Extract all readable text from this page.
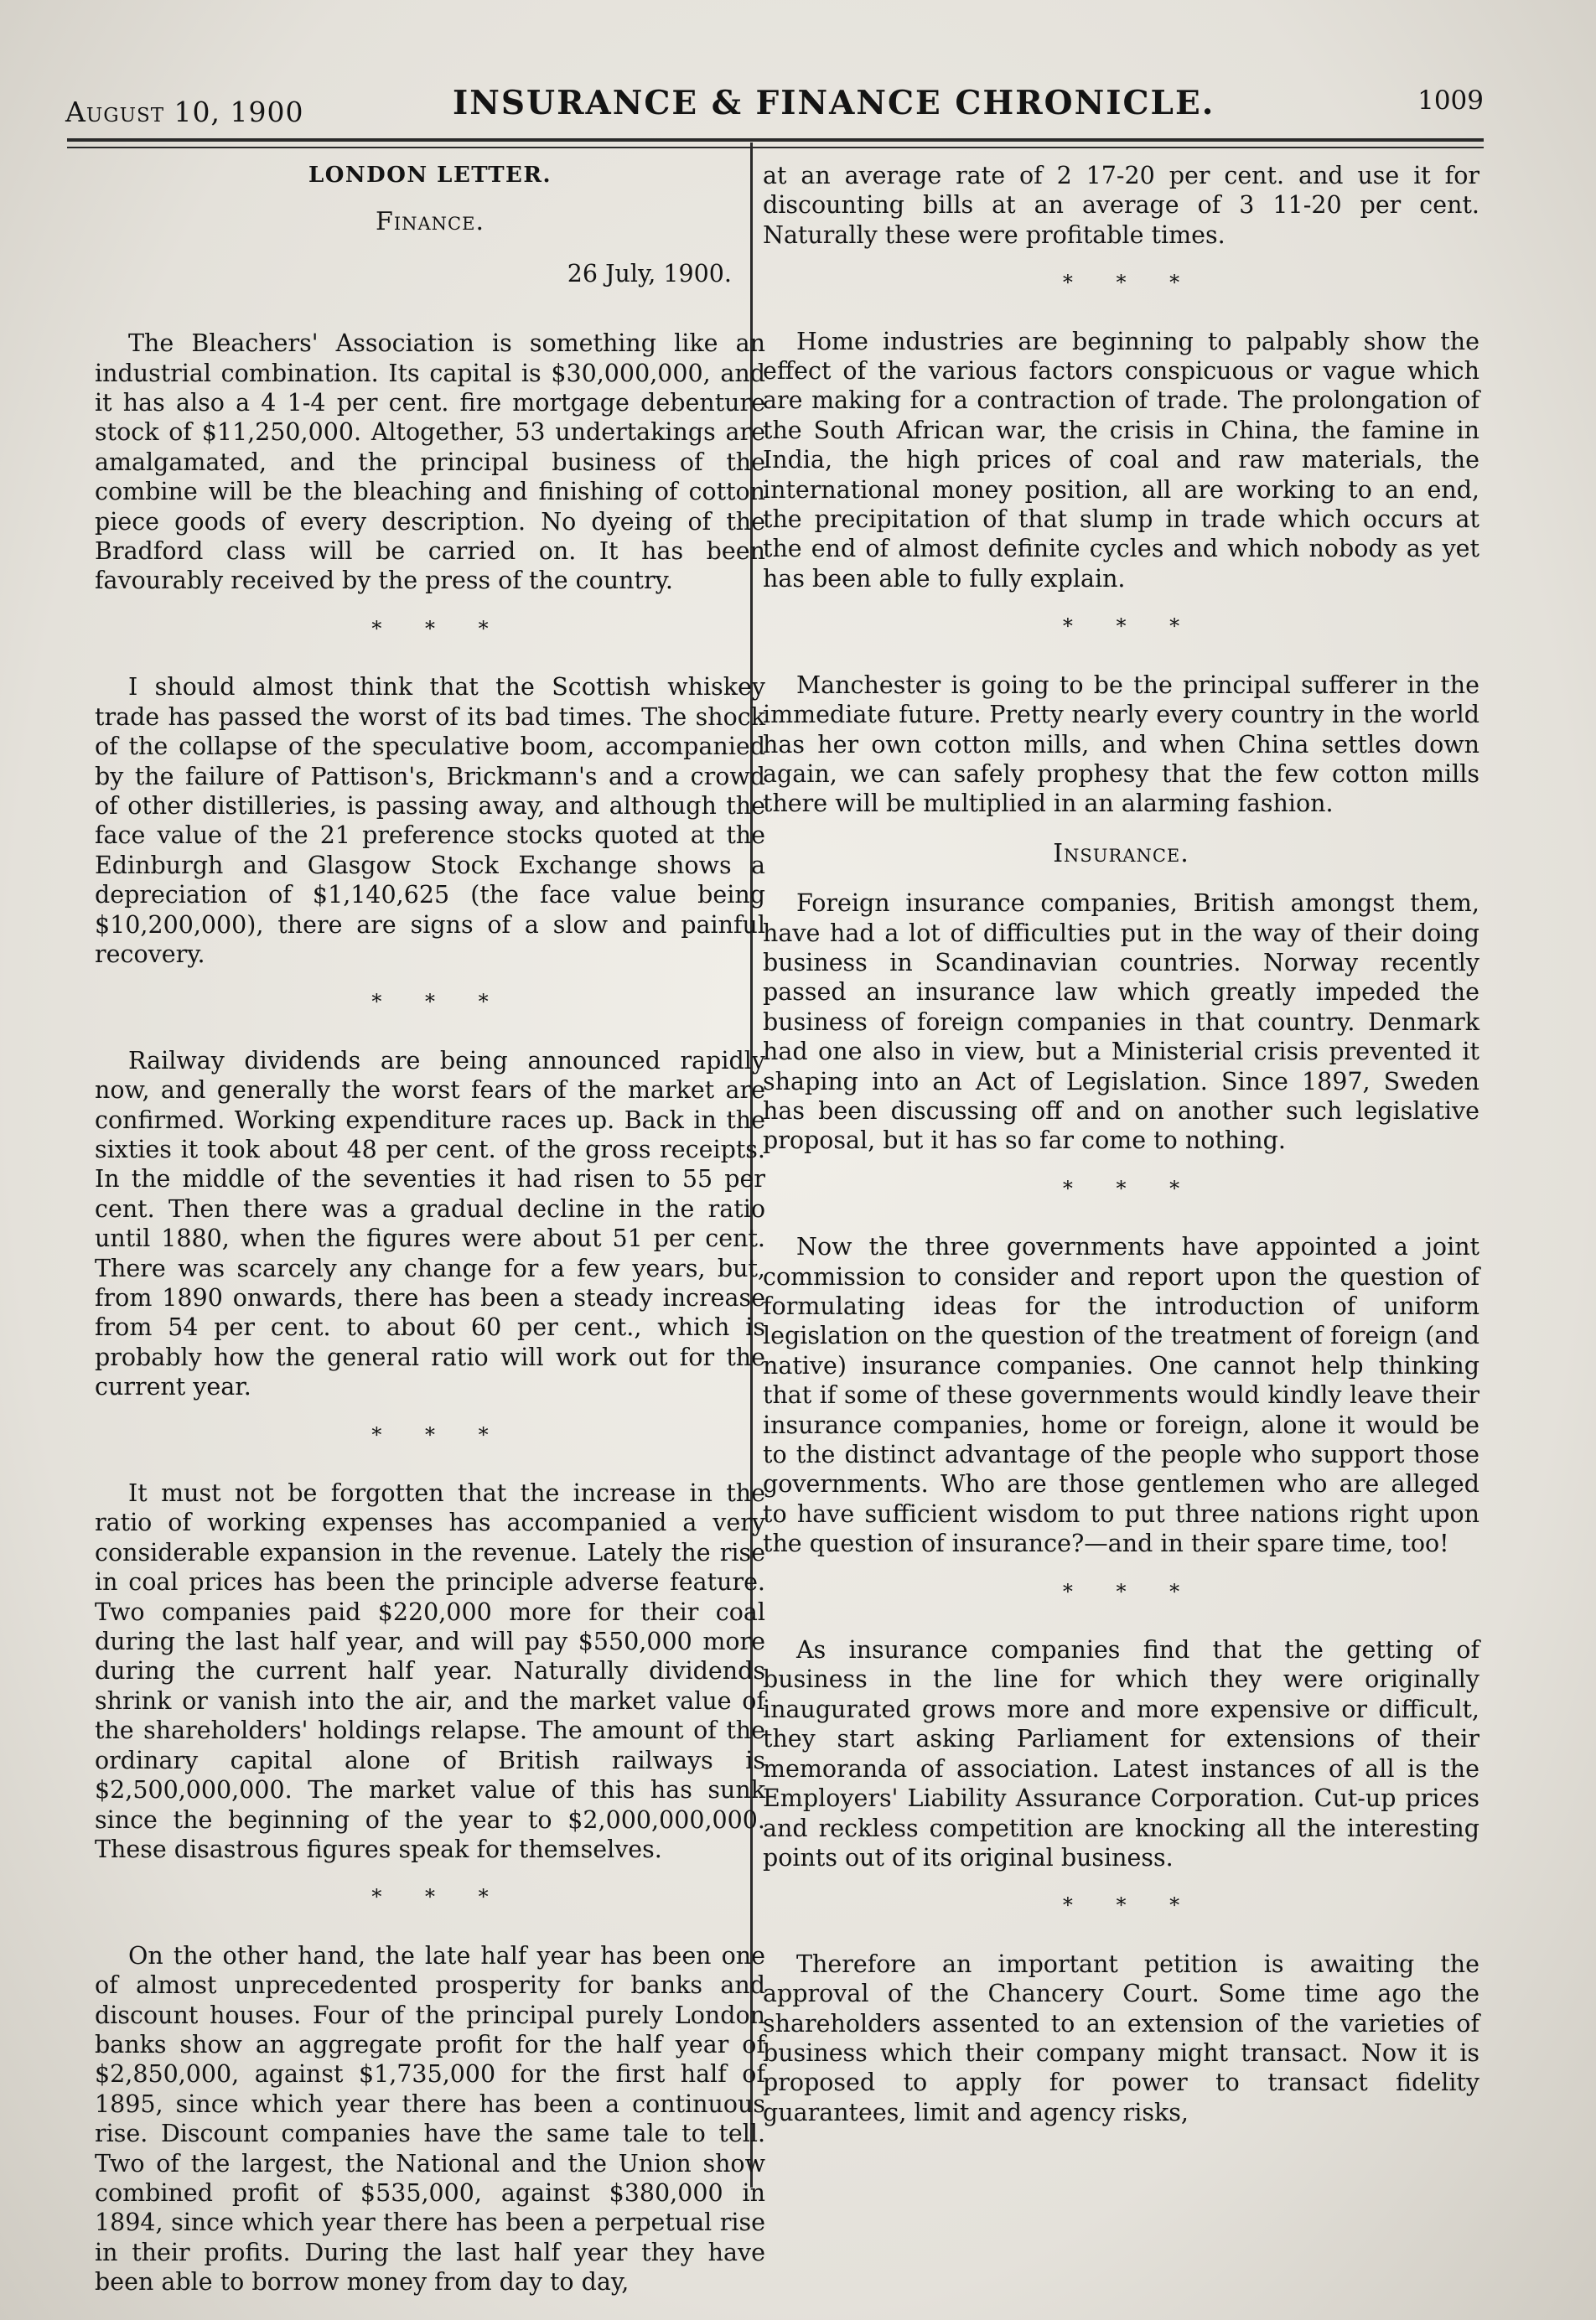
August 10, 1900	INSURANCE & FINANCE CHRONICLE.	1009
LONDON LETTER.
Finance.
26 July, 1900.

The Bleachers' Association is something like an industrial combination. Its capital is $30,000,000, and it has also a 4 1-4 per cent. fire mortgage debenture stock of $11,250,000. Altogether, 53 undertakings are amalgamated, and the principal business of the combine will be the bleaching and finishing of cotton piece goods of every description. No dyeing of the Bradford class will be carried on. It has been favourably received by the press of the country.

* * *

I should almost think that the Scottish whiskey trade has passed the worst of its bad times. The shock of the collapse of the speculative boom, accompanied by the failure of Pattison's, Brickmann's and a crowd of other distilleries, is passing away, and although the face value of the 21 preference stocks quoted at the Edinburgh and Glasgow Stock Exchange shows a depreciation of $1,140,625 (the face value being $10,200,000), there are signs of a slow and painful recovery.

* * *

Railway dividends are being announced rapidly now, and generally the worst fears of the market are confirmed. Working expenditure races up. Back in the sixties it took about 48 per cent. of the gross receipts. In the middle of the seventies it had risen to 55 per cent. Then there was a gradual decline in the ratio until 1880, when the figures were about 51 per cent. There was scarcely any change for a few years, but, from 1890 onwards, there has been a steady increase from 54 per cent. to about 60 per cent., which is probably how the general ratio will work out for the current year.

* * *

It must not be forgotten that the increase in the ratio of working expenses has accompanied a very considerable expansion in the revenue. Lately the rise in coal prices has been the principle adverse feature. Two companies paid $220,000 more for their coal during the last half year, and will pay $550,000 more during the current half year. Naturally dividends shrink or vanish into the air, and the market value of the shareholders' holdings relapse. The amount of the ordinary capital alone of British railways is $2,500,000,000. The market value of this has sunk since the beginning of the year to $2,000,000,000. These disastrous figures speak for themselves.

* * *

On the other hand, the late half year has been one of almost unprecedented prosperity for banks and discount houses. Four of the principal purely London banks show an aggregate profit for the half year of $2,850,000, against $1,735,000 for the first half of 1895, since which year there has been a continuous rise. Discount companies have the same tale to tell. Two of the largest, the National and the Union show combined profit of $535,000, against $380,000 in 1894, since which year there has been a perpetual rise in their profits. During the last half year they have been able to borrow money from day to day,

at an average rate of 2 17-20 per cent. and use it for discounting bills at an average of 3 11-20 per cent. Naturally these were profitable times.

* * *

Home industries are beginning to palpably show the effect of the various factors conspicuous or vague which are making for a contraction of trade. The prolongation of the South African war, the crisis in China, the famine in India, the high prices of coal and raw materials, the international money position, all are working to an end, the precipitation of that slump in trade which occurs at the end of almost definite cycles and which nobody as yet has been able to fully explain.

* * *

Manchester is going to be the principal sufferer in the immediate future. Pretty nearly every country in the world has her own cotton mills, and when China settles down again, we can safely prophesy that the few cotton mills there will be multiplied in an alarming fashion.

Insurance.

Foreign insurance companies, British amongst them, have had a lot of difficulties put in the way of their doing business in Scandinavian countries. Norway recently passed an insurance law which greatly impeded the business of foreign companies in that country. Denmark had one also in view, but a Ministerial crisis prevented it shaping into an Act of Legislation. Since 1897, Sweden has been discussing off and on another such legislative proposal, but it has so far come to nothing.

* * *

Now the three governments have appointed a joint commission to consider and report upon the question of formulating ideas for the introduction of uniform legislation on the question of the treatment of foreign (and native) insurance companies. One cannot help thinking that if some of these governments would kindly leave their insurance companies, home or foreign, alone it would be to the distinct advantage of the people who support those governments. Who are those gentlemen who are alleged to have sufficient wisdom to put three nations right upon the question of insurance?—and in their spare time, too!

* * *

As insurance companies find that the getting of business in the line for which they were originally inaugurated grows more and more expensive or difficult, they start asking Parliament for extensions of their memoranda of association. Latest instances of all is the Employers' Liability Assurance Corporation. Cut-up prices and reckless competition are knocking all the interesting points out of its original business.

* * *

Therefore an important petition is awaiting the approval of the Chancery Court. Some time ago the shareholders assented to an extension of the varieties of business which their company might transact. Now it is proposed to apply for power to transact fidelity guarantees, limit and agency risks,
